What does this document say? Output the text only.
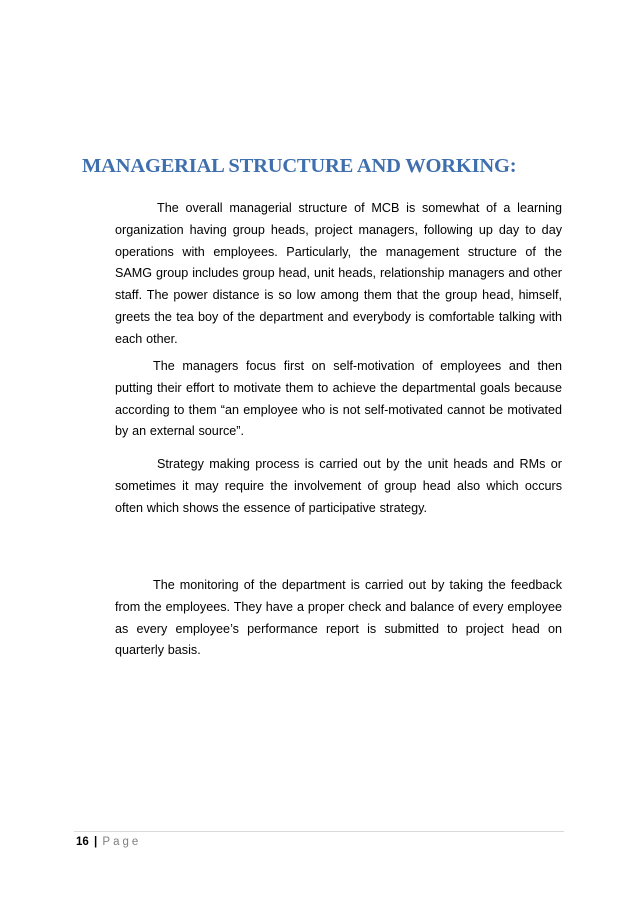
MANAGERIAL STRUCTURE AND WORKING:

The overall managerial structure of MCB is somewhat of a learning organization having group heads, project managers, following up day to day operations with employees. Particularly, the management structure of the SAMG group includes group head, unit heads, relationship managers and other staff. The power distance is so low among them that the group head, himself, greets the tea boy of the department and everybody is comfortable talking with each other.

The managers focus first on self-motivation of employees and then putting their effort to motivate them to achieve the departmental goals because according to them “an employee who is not self-motivated cannot be motivated by an external source”.

Strategy making process is carried out by the unit heads and RMs or sometimes it may require the involvement of group head also which occurs often which shows the essence of participative strategy.

The monitoring of the department is carried out by taking the feedback from the employees. They have a proper check and balance of every employee as every employee’s performance report is submitted to project head on quarterly basis.

16 | Page
